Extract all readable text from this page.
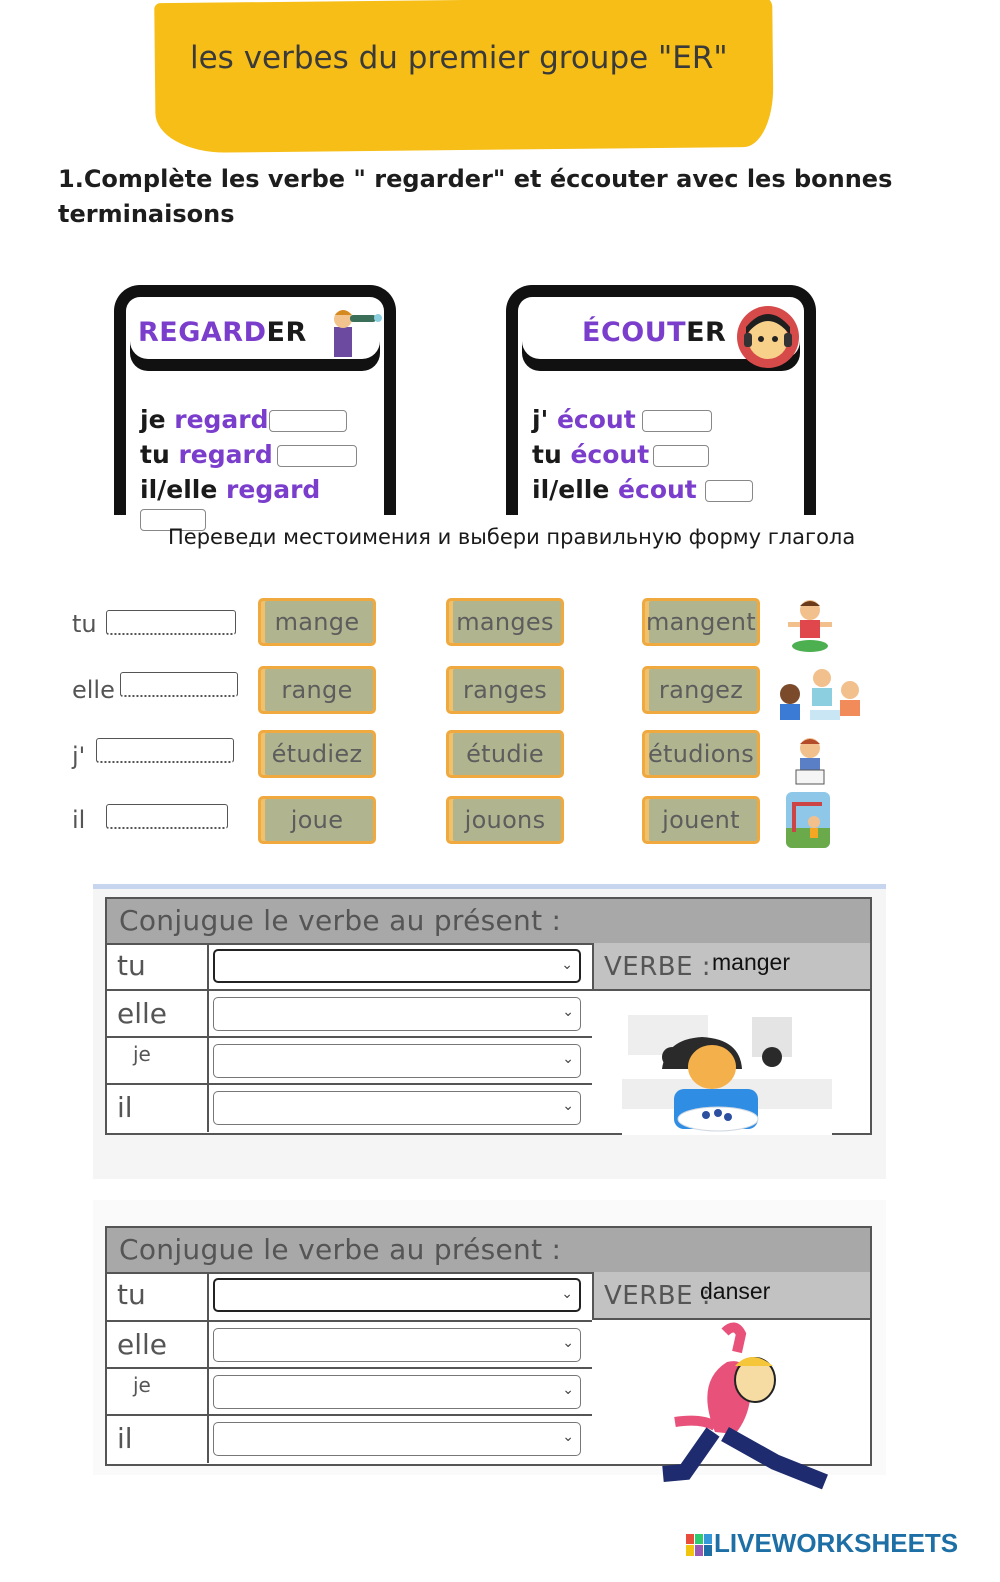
les verbes du premier groupe "ER"
1.Complète les verbe " regarder" et éccouter avec les bonnes terminaisons
REGARDER
je regard
tu regard
il/elle regard
ÉCOUTER
j' écout
tu écout
il/elle écout
Переведи местоимения и выбери правильную форму глагола
tu	mange	manges	mangent
elle	range	ranges	rangez
j'	étudiez	étudie	étudions
il	joue	jouons	jouent
Conjugue le verbe au présent :
tu	⌄
elle	⌄
je	⌄
il	⌄
VERBE : manger
Conjugue le verbe au présent :
tu	⌄
elle	⌄
je	⌄
il	⌄
VERBE :
danser
LIVEWORKSHEETS
